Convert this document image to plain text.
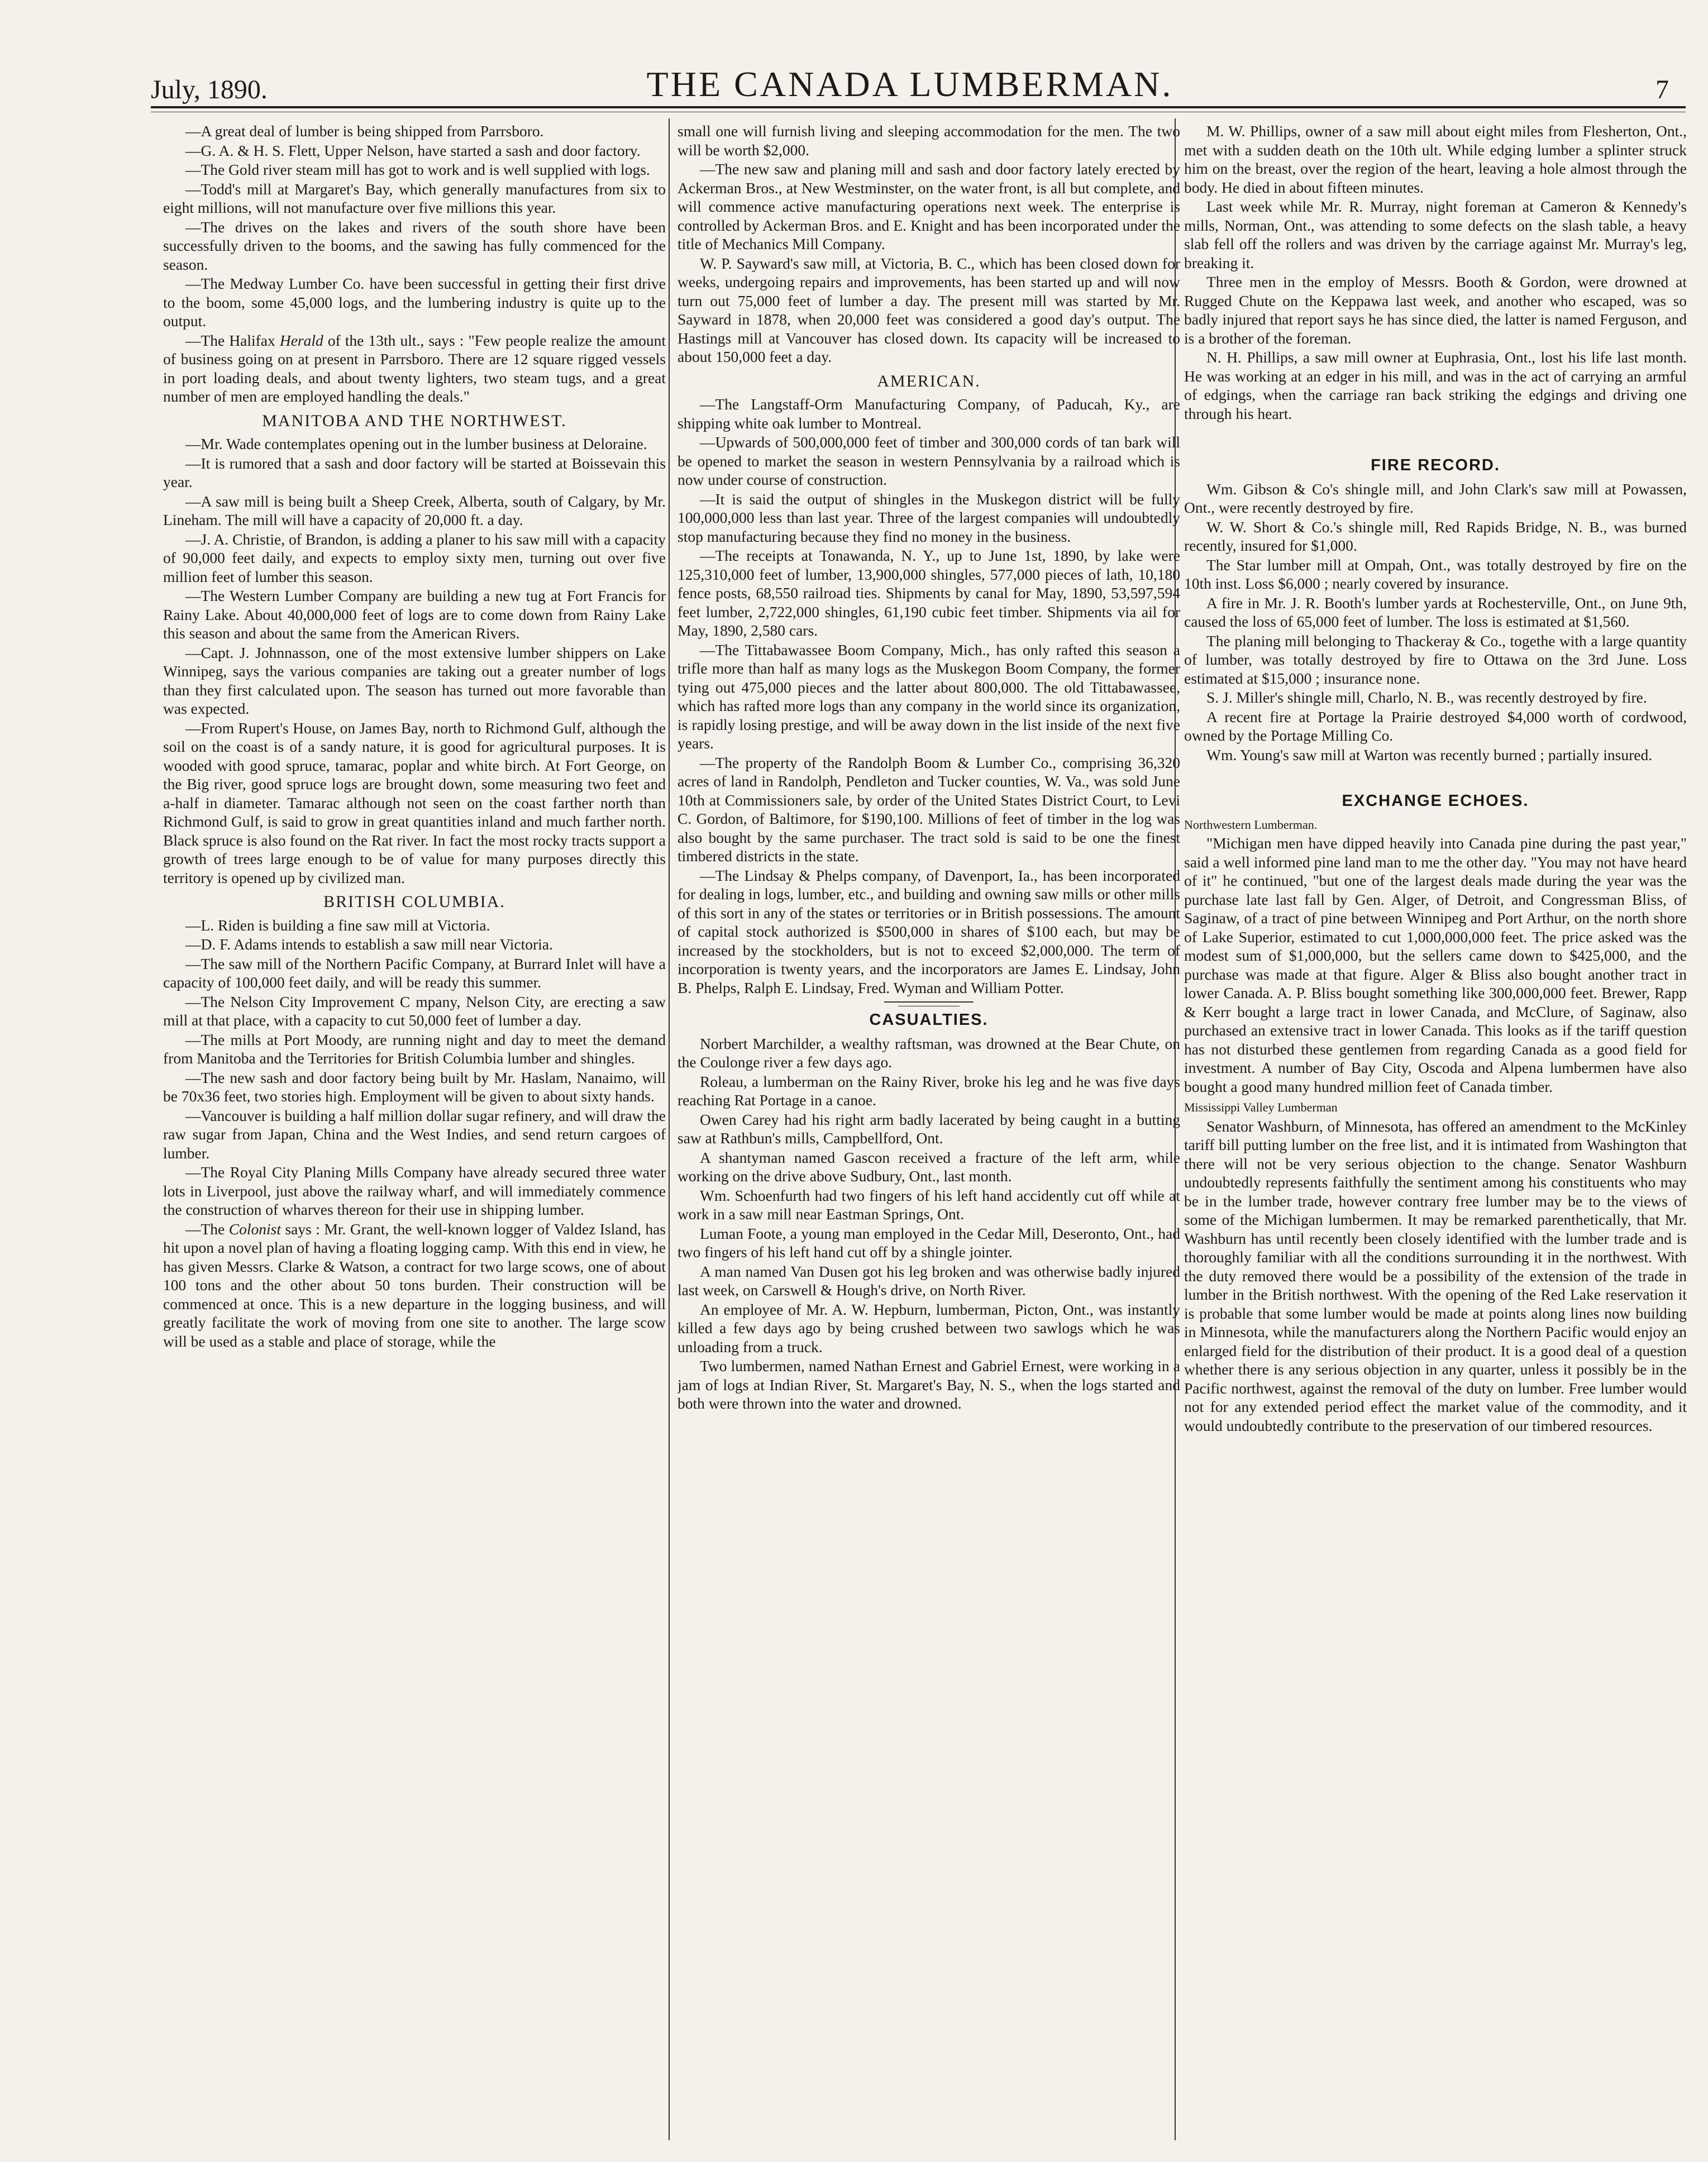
July, 1890.	THE CANADA LUMBERMAN.	7

—A great deal of lumber is being shipped from Parrsboro.

—G. A. & H. S. Flett, Upper Nelson, have started a sash and door factory.

—The Gold river steam mill has got to work and is well supplied with logs.

—Todd's mill at Margaret's Bay, which generally manufactures from six to eight millions, will not manufacture over five millions this year.

—The drives on the lakes and rivers of the south shore have been successfully driven to the booms, and the sawing has fully commenced for the season.

—The Medway Lumber Co. have been successful in getting their first drive to the boom, some 45,000 logs, and the lumbering industry is quite up to the output.

—The Halifax Herald of the 13th ult., says : "Few people realize the amount of business going on at present in Parrsboro. There are 12 square rigged vessels in port loading deals, and about twenty lighters, two steam tugs, and a great number of men are employed handling the deals."

MANITOBA AND THE NORTHWEST.

—Mr. Wade contemplates opening out in the lumber business at Deloraine.

—It is rumored that a sash and door factory will be started at Boissevain this year.

—A saw mill is being built a Sheep Creek, Alberta, south of Calgary, by Mr. Lineham. The mill will have a capacity of 20,000 ft. a day.

—J. A. Christie, of Brandon, is adding a planer to his saw mill with a capacity of 90,000 feet daily, and expects to employ sixty men, turning out over five million feet of lumber this season.

—The Western Lumber Company are building a new tug at Fort Francis for Rainy Lake. About 40,000,000 feet of logs are to come down from Rainy Lake this season and about the same from the American Rivers.

—Capt. J. Johnnasson, one of the most extensive lumber shippers on Lake Winnipeg, says the various companies are taking out a greater number of logs than they first calculated upon. The season has turned out more favorable than was expected.

—From Rupert's House, on James Bay, north to Richmond Gulf, although the soil on the coast is of a sandy nature, it is good for agricultural purposes. It is wooded with good spruce, tamarac, poplar and white birch. At Fort George, on the Big river, good spruce logs are brought down, some measuring two feet and a-half in diameter. Tamarac although not seen on the coast farther north than Richmond Gulf, is said to grow in great quantities inland and much farther north. Black spruce is also found on the Rat river. In fact the most rocky tracts support a growth of trees large enough to be of value for many purposes directly this territory is opened up by civilized man.

BRITISH COLUMBIA.

—L. Riden is building a fine saw mill at Victoria.

—D. F. Adams intends to establish a saw mill near Victoria.

—The saw mill of the Northern Pacific Company, at Burrard Inlet will have a capacity of 100,000 feet daily, and will be ready this summer.

—The Nelson City Improvement C mpany, Nelson City, are erecting a saw mill at that place, with a capacity to cut 50,000 feet of lumber a day.

—The mills at Port Moody, are running night and day to meet the demand from Manitoba and the Territories for British Columbia lumber and shingles.

—The new sash and door factory being built by Mr. Haslam, Nanaimo, will be 70x36 feet, two stories high. Employment will be given to about sixty hands.

—Vancouver is building a half million dollar sugar refinery, and will draw the raw sugar from Japan, China and the West Indies, and send return cargoes of lumber.

—The Royal City Planing Mills Company have already secured three water lots in Liverpool, just above the railway wharf, and will immediately commence the construction of wharves thereon for their use in shipping lumber.

—The Colonist says : Mr. Grant, the well-known logger of Valdez Island, has hit upon a novel plan of having a floating logging camp. With this end in view, he has given Messrs. Clarke & Watson, a contract for two large scows, one of about 100 tons and the other about 50 tons burden. Their construction will be commenced at once. This is a new departure in the logging business, and will greatly facilitate the work of moving from one site to another. The large scow will be used as a stable and place of storage, while the

small one will furnish living and sleeping accommodation for the men. The two will be worth $2,000.

—The new saw and planing mill and sash and door factory lately erected by Ackerman Bros., at New Westminster, on the water front, is all but complete, and will commence active manufacturing operations next week. The enterprise is controlled by Ackerman Bros. and E. Knight and has been incorporated under the title of Mechanics Mill Company.

W. P. Sayward's saw mill, at Victoria, B. C., which has been closed down for weeks, undergoing repairs and improvements, has been started up and will now turn out 75,000 feet of lumber a day. The present mill was started by Mr. Sayward in 1878, when 20,000 feet was considered a good day's output. The Hastings mill at Vancouver has closed down. Its capacity will be increased to about 150,000 feet a day.

AMERICAN.

—The Langstaff-Orm Manufacturing Company, of Paducah, Ky., are shipping white oak lumber to Montreal.

—Upwards of 500,000,000 feet of timber and 300,000 cords of tan bark will be opened to market the season in western Pennsylvania by a railroad which is now under course of construction.

—It is said the output of shingles in the Muskegon district will be fully 100,000,000 less than last year. Three of the largest companies will undoubtedly stop manufacturing because they find no money in the business.

—The receipts at Tonawanda, N. Y., up to June 1st, 1890, by lake were 125,310,000 feet of lumber, 13,900,000 shingles, 577,000 pieces of lath, 10,180 fence posts, 68,550 railroad ties. Shipments by canal for May, 1890, 53,597,594 feet lumber, 2,722,000 shingles, 61,190 cubic feet timber. Shipments via ail for May, 1890, 2,580 cars.

—The Tittabawassee Boom Company, Mich., has only rafted this season a trifle more than half as many logs as the Muskegon Boom Company, the former tying out 475,000 pieces and the latter about 800,000. The old Tittabawassee, which has rafted more logs than any company in the world since its organization, is rapidly losing prestige, and will be away down in the list inside of the next five years.

—The property of the Randolph Boom & Lumber Co., comprising 36,320 acres of land in Randolph, Pendleton and Tucker counties, W. Va., was sold June 10th at Commissioners sale, by order of the United States District Court, to Levi C. Gordon, of Baltimore, for $190,100. Millions of feet of timber in the log was also bought by the same purchaser. The tract sold is said to be one the finest timbered districts in the state.

—The Lindsay & Phelps company, of Davenport, Ia., has been incorporated for dealing in logs, lumber, etc., and building and owning saw mills or other mills of this sort in any of the states or territories or in British possessions. The amount of capital stock authorized is $500,000 in shares of $100 each, but may be increased by the stockholders, but is not to exceed $2,000,000. The term of incorporation is twenty years, and the incorporators are James E. Lindsay, John B. Phelps, Ralph E. Lindsay, Fred. Wyman and William Potter.

CASUALTIES.

Norbert Marchilder, a wealthy raftsman, was drowned at the Bear Chute, on the Coulonge river a few days ago.

Roleau, a lumberman on the Rainy River, broke his leg and he was five days reaching Rat Portage in a canoe.

Owen Carey had his right arm badly lacerated by being caught in a butting saw at Rathbun's mills, Campbellford, Ont.

A shantyman named Gascon received a fracture of the left arm, while working on the drive above Sudbury, Ont., last month.

Wm. Schoenfurth had two fingers of his left hand accidently cut off while at work in a saw mill near Eastman Springs, Ont.

Luman Foote, a young man employed in the Cedar Mill, Deseronto, Ont., had two fingers of his left hand cut off by a shingle jointer.

A man named Van Dusen got his leg broken and was otherwise badly injured last week, on Carswell & Hough's drive, on North River.

An employee of Mr. A. W. Hepburn, lumberman, Picton, Ont., was instantly killed a few days ago by being crushed between two sawlogs which he was unloading from a truck.

Two lumbermen, named Nathan Ernest and Gabriel Ernest, were working in a jam of logs at Indian River, St. Margaret's Bay, N. S., when the logs started and both were thrown into the water and drowned.

M. W. Phillips, owner of a saw mill about eight miles from Flesherton, Ont., met with a sudden death on the 10th ult. While edging lumber a splinter struck him on the breast, over the region of the heart, leaving a hole almost through the body. He died in about fifteen minutes.

Last week while Mr. R. Murray, night foreman at Cameron & Kennedy's mills, Norman, Ont., was attending to some defects on the slash table, a heavy slab fell off the rollers and was driven by the carriage against Mr. Murray's leg, breaking it.

Three men in the employ of Messrs. Booth & Gordon, were drowned at Rugged Chute on the Keppawa last week, and another who escaped, was so badly injured that report says he has since died, the latter is named Ferguson, and is a brother of the foreman.

N. H. Phillips, a saw mill owner at Euphrasia, Ont., lost his life last month. He was working at an edger in his mill, and was in the act of carrying an armful of edgings, when the carriage ran back striking the edgings and driving one through his heart.

FIRE RECORD.

Wm. Gibson & Co's shingle mill, and John Clark's saw mill at Powassen, Ont., were recently destroyed by fire.

W. W. Short & Co.'s shingle mill, Red Rapids Bridge, N. B., was burned recently, insured for $1,000.

The Star lumber mill at Ompah, Ont., was totally destroyed by fire on the 10th inst. Loss $6,000 ; nearly covered by insurance.

A fire in Mr. J. R. Booth's lumber yards at Rochesterville, Ont., on June 9th, caused the loss of 65,000 feet of lumber. The loss is estimated at $1,560.

The planing mill belonging to Thackeray & Co., togethe with a large quantity of lumber, was totally destroyed by fire to Ottawa on the 3rd June. Loss estimated at $15,000 ; insurance none.

S. J. Miller's shingle mill, Charlo, N. B., was recently destroyed by fire.

A recent fire at Portage la Prairie destroyed $4,000 worth of cordwood, owned by the Portage Milling Co.

Wm. Young's saw mill at Warton was recently burned ; partially insured.

EXCHANGE ECHOES.
Northwestern Lumberman.

"Michigan men have dipped heavily into Canada pine during the past year," said a well informed pine land man to me the other day. "You may not have heard of it" he continued, "but one of the largest deals made during the year was the purchase late last fall by Gen. Alger, of Detroit, and Congressman Bliss, of Saginaw, of a tract of pine between Winnipeg and Port Arthur, on the north shore of Lake Superior, estimated to cut 1,000,000,000 feet. The price asked was the modest sum of $1,000,000, but the sellers came down to $425,000, and the purchase was made at that figure. Alger & Bliss also bought another tract in lower Canada. A. P. Bliss bought something like 300,000,000 feet. Brewer, Rapp & Kerr bought a large tract in lower Canada, and McClure, of Saginaw, also purchased an extensive tract in lower Canada. This looks as if the tariff question has not disturbed these gentlemen from regarding Canada as a good field for investment. A number of Bay City, Oscoda and Alpena lumbermen have also bought a good many hundred million feet of Canada timber.

Mississippi Valley Lumberman

Senator Washburn, of Minnesota, has offered an amendment to the McKinley tariff bill putting lumber on the free list, and it is intimated from Washington that there will not be very serious objection to the change. Senator Washburn undoubtedly represents faithfully the sentiment among his constituents who may be in the lumber trade, however contrary free lumber may be to the views of some of the Michigan lumbermen. It may be remarked parenthetically, that Mr. Washburn has until recently been closely identified with the lumber trade and is thoroughly familiar with all the conditions surrounding it in the northwest. With the duty removed there would be a possibility of the extension of the trade in lumber in the British northwest. With the opening of the Red Lake reservation it is probable that some lumber would be made at points along lines now building in Minnesota, while the manufacturers along the Northern Pacific would enjoy an enlarged field for the distribution of their product. It is a good deal of a question whether there is any serious objection in any quarter, unless it possibly be in the Pacific northwest, against the removal of the duty on lumber. Free lumber would not for any extended period effect the market value of the commodity, and it would undoubtedly contribute to the preservation of our timbered resources.
